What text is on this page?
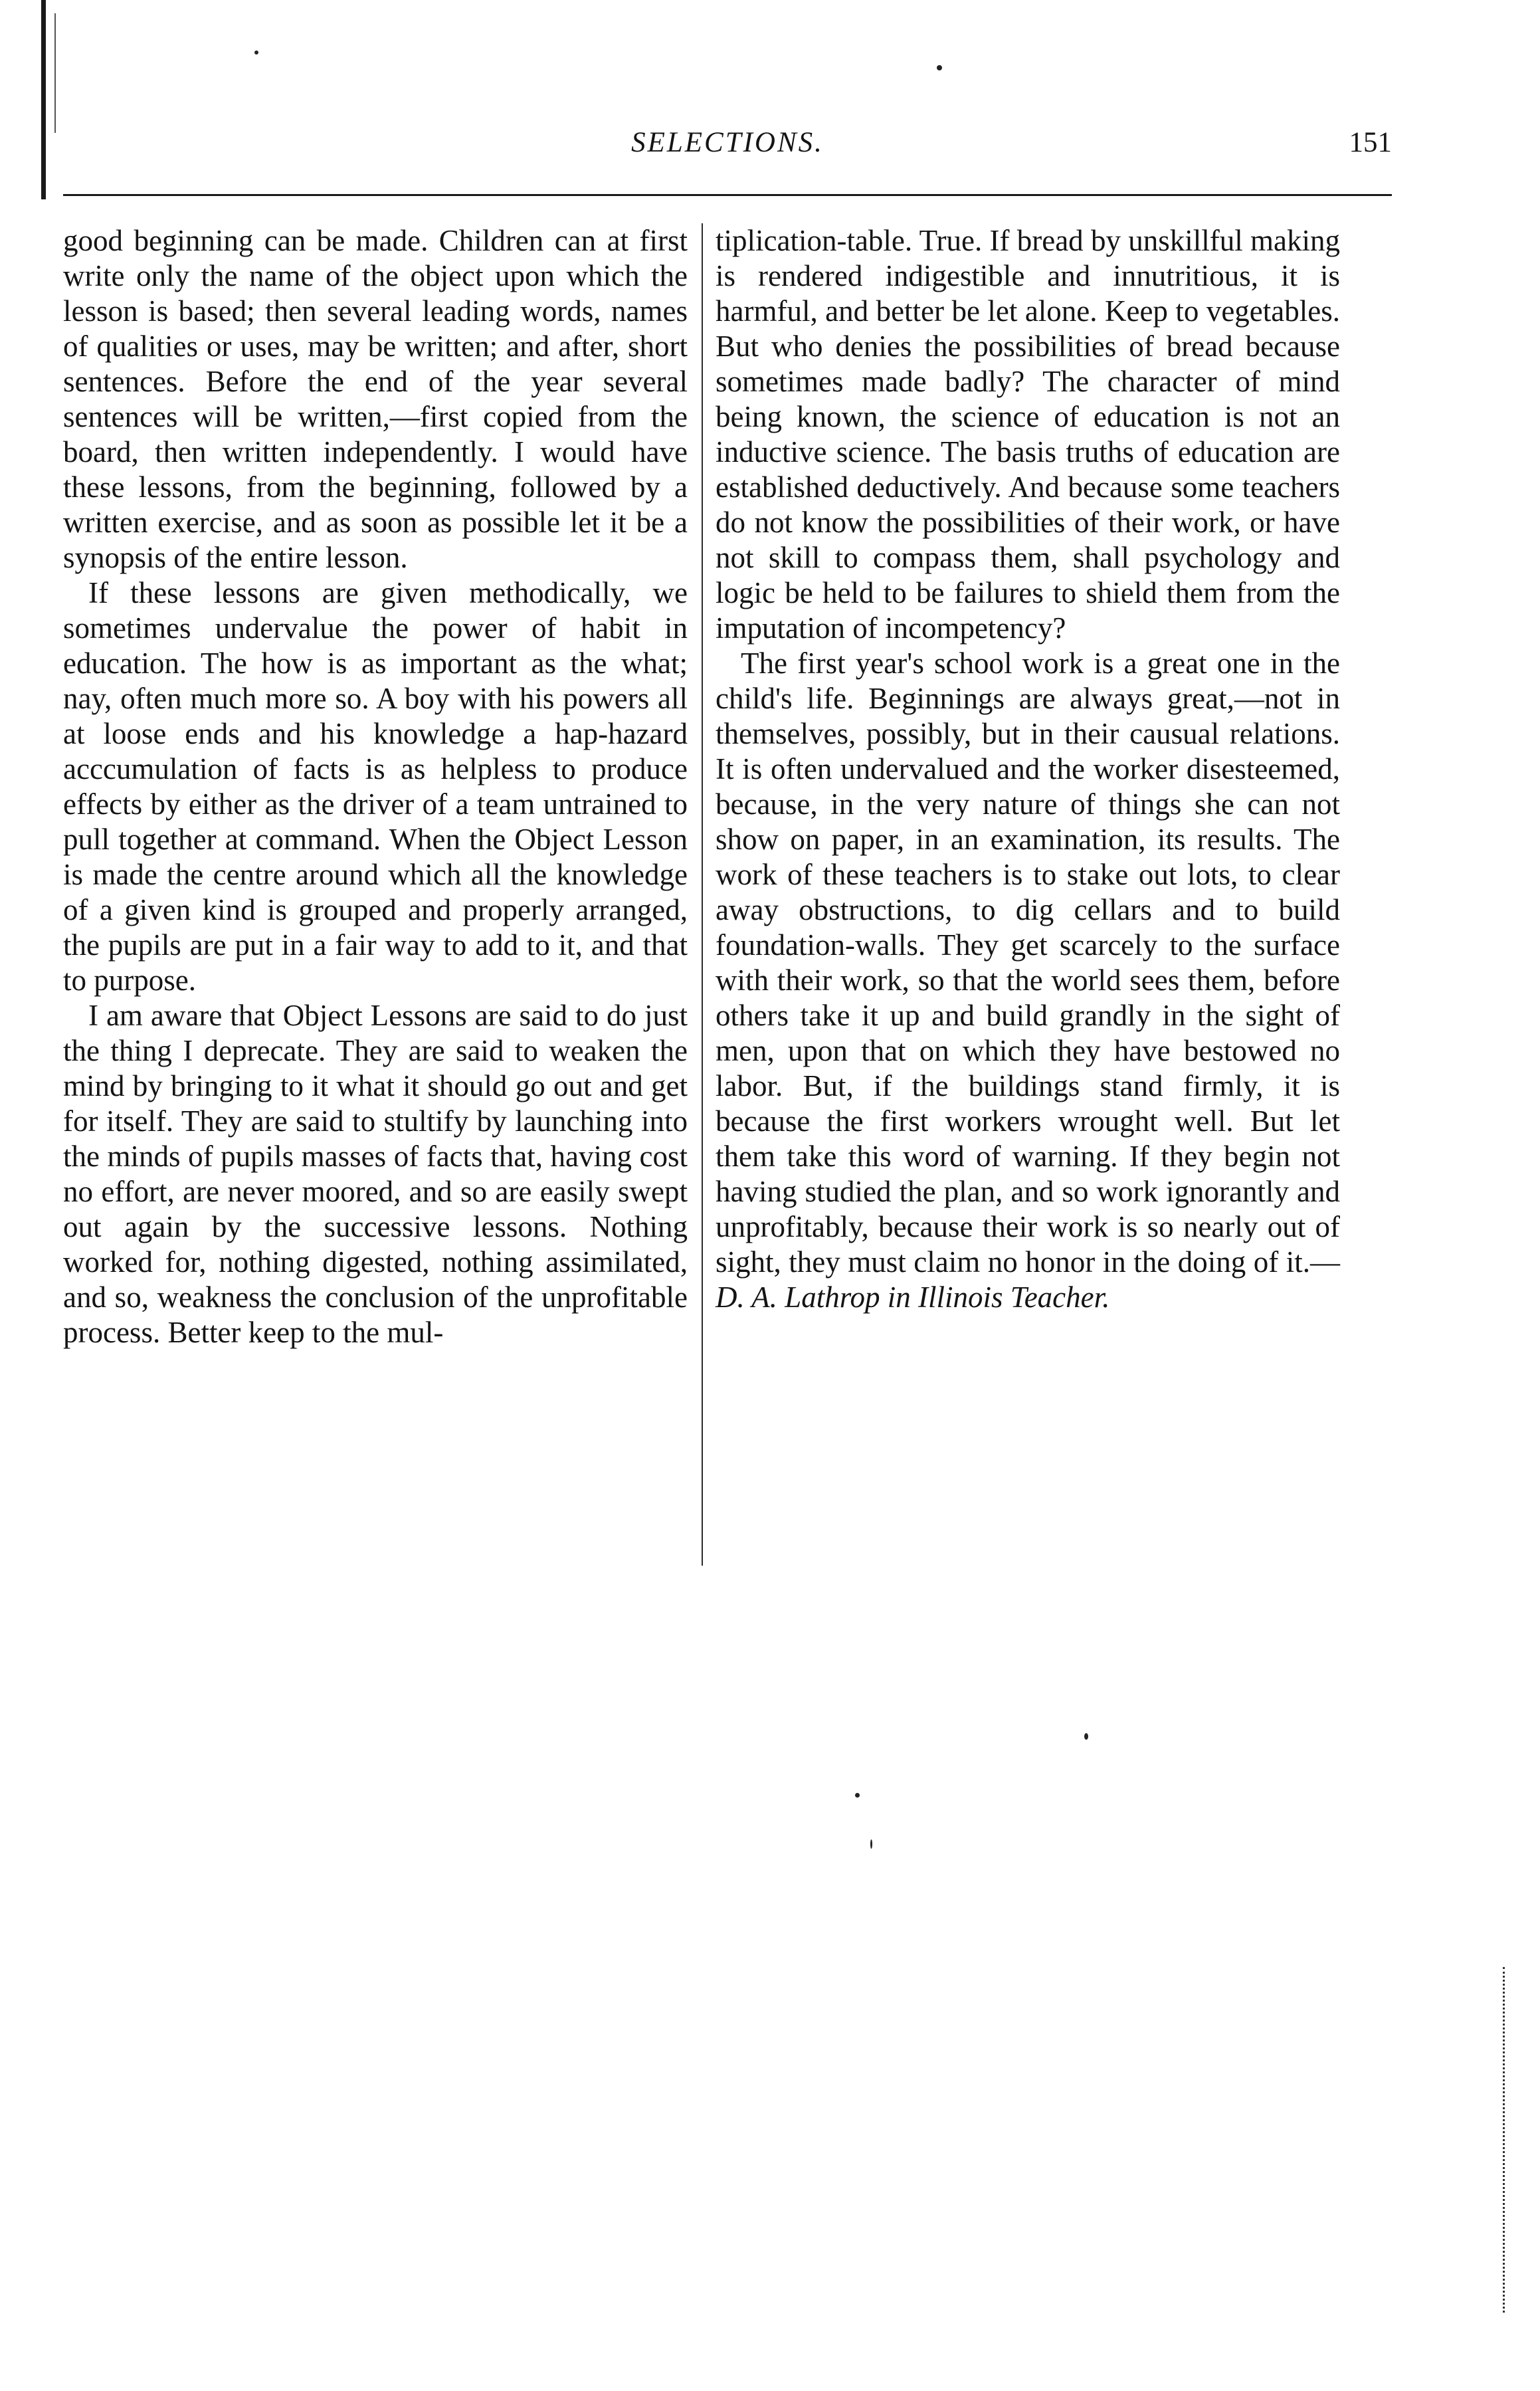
SELECTIONS.	151

good beginning can be made. Children can at first write only the name of the object upon which the lesson is based; then several leading words, names of qualities or uses, may be written; and after, short sentences. Before the end of the year several sentences will be written,—first copied from the board, then written independently. I would have these lessons, from the beginning, followed by a written exercise, and as soon as possible let it be a synopsis of the entire lesson.

If these lessons are given methodically, we sometimes undervalue the power of habit in education. The how is as important as the what; nay, often much more so. A boy with his powers all at loose ends and his knowledge a hap-hazard acccumulation of facts is as helpless to produce effects by either as the driver of a team untrained to pull together at command. When the Object Lesson is made the centre around which all the knowledge of a given kind is grouped and properly arranged, the pupils are put in a fair way to add to it, and that to purpose.

I am aware that Object Lessons are said to do just the thing I deprecate. They are said to weaken the mind by bringing to it what it should go out and get for itself. They are said to stultify by launching into the minds of pupils masses of facts that, having cost no effort, are never moored, and so are easily swept out again by the successive lessons. Nothing worked for, nothing digested, nothing assimilated, and so, weakness the conclusion of the unprofitable process. Better keep to the mul-

tiplication-table. True. If bread by unskillful making is rendered indigestible and innutritious, it is harmful, and better be let alone. Keep to vegetables. But who denies the possibilities of bread because sometimes made badly? The character of mind being known, the science of education is not an inductive science. The basis truths of education are established deductively. And because some teachers do not know the possibilities of their work, or have not skill to compass them, shall psychology and logic be held to be failures to shield them from the imputation of incompetency?

The first year's school work is a great one in the child's life. Beginnings are always great,—not in themselves, possibly, but in their causual relations. It is often undervalued and the worker disesteemed, because, in the very nature of things she can not show on paper, in an examination, its results. The work of these teachers is to stake out lots, to clear away obstructions, to dig cellars and to build foundation-walls. They get scarcely to the surface with their work, so that the world sees them, before others take it up and build grandly in the sight of men, upon that on which they have bestowed no labor. But, if the buildings stand firmly, it is because the first workers wrought well. But let them take this word of warning. If they begin not having studied the plan, and so work ignorantly and unprofitably, because their work is so nearly out of sight, they must claim no honor in the doing of it.—D. A. Lathrop in Illinois Teacher.
